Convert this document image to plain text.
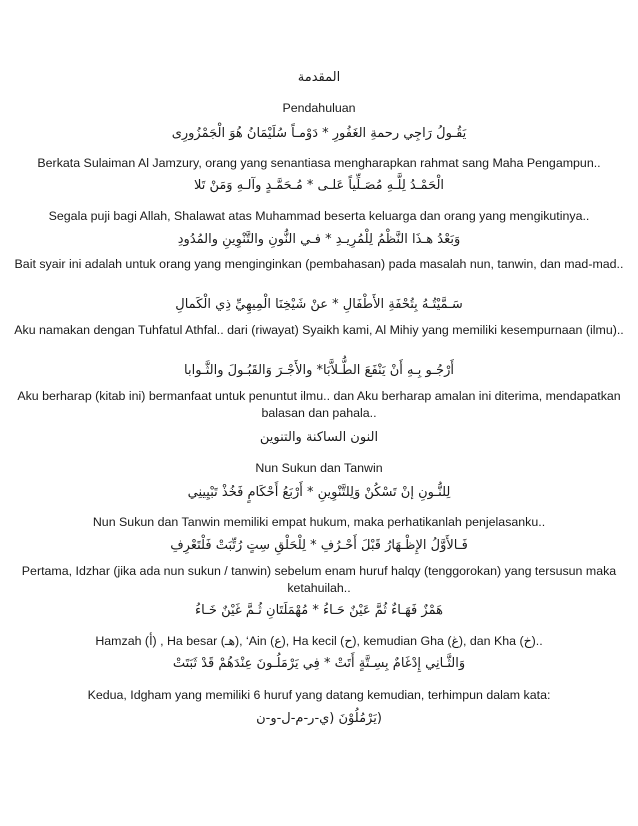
المقدمة
Pendahuluan
يَقُـولُ رَاجِي رحمةِ الغَفُورِ * دَوْمـاً سُلَيْمَانُ هُوَ الْجَمْزُورِى
Berkata Sulaiman Al Jamzury, orang yang senantiasa mengharapkan rahmat sang Maha Pengampun..
الْحَمْـدُ لِلَّـهِ مُصَـلِّياً عَلـى * مُـحَمَّـدٍ وآلـهِ وَمَنْ تَلا
Segala puji bagi Allah, Shalawat atas Muhammad beserta keluarga dan orang yang mengikutinya..
وَبَعْدُ هـذَا النَّظْمُ لِلْمُرِيـدِ * فـي النُّونِ والتَّنْوِينِ والمُدُودِ
Bait syair ini adalah untuk orang yang menginginkan (pembahasan) pada masalah nun, tanwin, dan mad-mad..
سَـمَّيْتُـهُ بِتُحْفَةِ الأَطْفَالِ * عنْ شَيْخِنَا الْمِيهِيِّ ذِي الْكَمالِ
Aku namakan dengan Tuhfatul Athfal.. dari (riwayat) Syaikh kami, Al Mihiy yang memiliki kesempurnaan (ilmu)..
أَرْجُـو بِـهِ أَنْ يَنْفَعَ الطُّـلاَّبَا* والأَجْـرَ وَالقَبُـولَ والثَّـوابا
Aku berharap (kitab ini) bermanfaat untuk penuntut ilmu.. dan Aku berharap amalan ini diterima, mendapatkan balasan dan pahala..
النون الساكنة والتنوين
Nun Sukun dan Tanwin
لِلنُّـونِ إنْ تَسْكُنْ وَلِلتَّنْوِينِ * أَرْبَعُ أَحْكَامٍ فَخُذْ تَبْيِينِي
Nun Sukun dan Tanwin memiliki empat hukum, maka perhatikanlah penjelasanku..
فَـالأَوَّلُ الإِظْـهَارُ قَبْلَ أَحْـرُفِ * لِلْحَلْقِ سِتٍ رُتِّبَتْ فَلْتَعْرِفِ
Pertama, Idzhar (jika ada nun sukun / tanwin) sebelum enam huruf halqy (tenggorokan) yang tersusun maka ketahuilah..
هَمْزٌ فَهَـاءٌ ثُمَّ عَيْنٌ حَـاءُ * مُهْمَلَتَانِ ثُـمَّ غَيْنٌ خَـاءُ
Hamzah (أ) , Ha besar (هـ), ‘Ain (ع), Ha kecil (ح), kemudian Gha (غ), dan Kha (خ)..
وَالثَّـانِي إِدْغَامٌ بِسِـتَّةٍ أَتَتْ * فِي يَرْمَلُـونَ عِنْدَهُمْ قَدْ ثَبَتَتْ
Kedua, Idgham yang memiliki 6 huruf yang datang kemudian, terhimpun dalam kata:
(يَرْمُلُوْنَ (ي-ر-م-ل-و-ن
